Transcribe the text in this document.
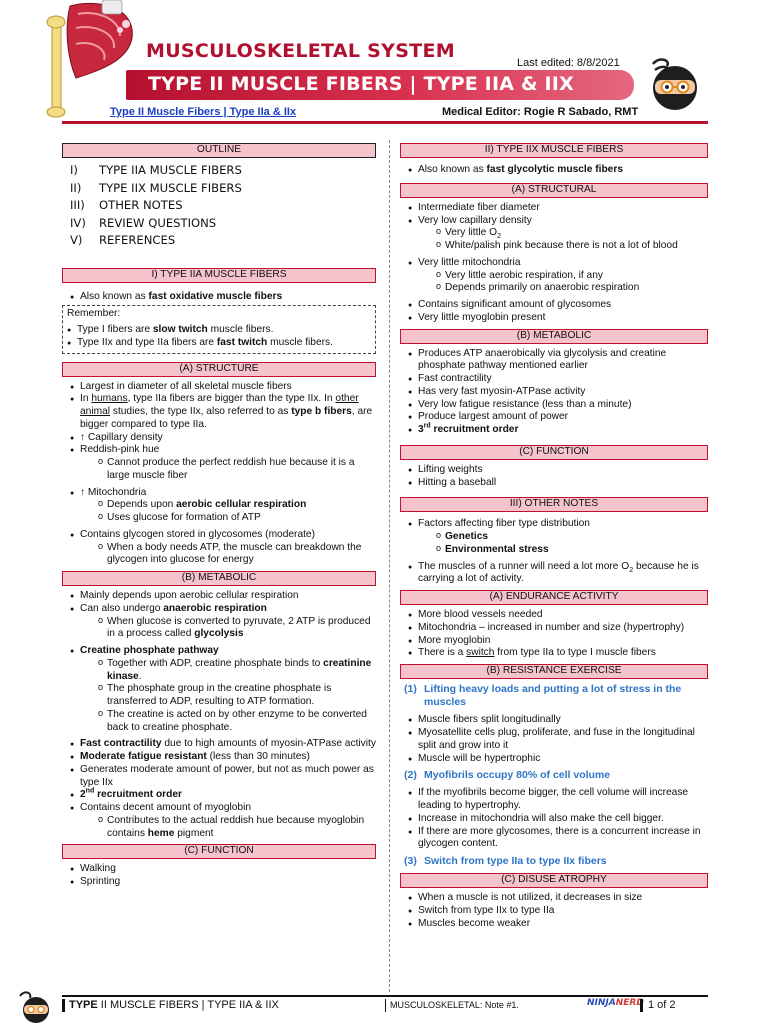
MUSCULOSKELETAL SYSTEM
Last edited: 8/8/2021
TYPE II MUSCLE FIBERS | TYPE IIA & IIX
Type II Muscle Fibers | Type IIa & IIx	Medical Editor: Rogie R Sabado, RMT
OUTLINE
I)	TYPE IIA MUSCLE FIBERS
II)	TYPE IIX MUSCLE FIBERS
III)	OTHER NOTES
IV)	REVIEW QUESTIONS
V)	REFERENCES
I) TYPE IIA MUSCLE FIBERS
● Also known as fast oxidative muscle fibers
Remember:
● Type I fibers are slow twitch muscle fibers.
● Type IIx and type IIa fibers are fast twitch muscle fibers.
(A) STRUCTURE
● Largest in diameter of all skeletal muscle fibers
● In humans, type IIa fibers are bigger than the type IIx. In other animal studies, the type IIx, also referred to as type b fibers, are bigger compared to type IIa.
● ↑ Capillary density
● Reddish-pink hue
o Cannot produce the perfect reddish hue because it is a large muscle fiber
● ↑ Mitochondria
o Depends upon aerobic cellular respiration
o Uses glucose for formation of ATP
● Contains glycogen stored in glycosomes (moderate)
o When a body needs ATP, the muscle can breakdown the glycogen into glucose for energy
(B) METABOLIC
● Mainly depends upon aerobic cellular respiration
● Can also undergo anaerobic respiration
o When glucose is converted to pyruvate, 2 ATP is produced in a process called glycolysis
● Creatine phosphate pathway
o Together with ADP, creatine phosphate binds to creatinine kinase.
o The phosphate group in the creatine phosphate is transferred to ADP, resulting to ATP formation.
o The creatine is acted on by other enzyme to be converted back to creatine phosphate.
● Fast contractility due to high amounts of myosin-ATPase activity
● Moderate fatigue resistant (less than 30 minutes)
● Generates moderate amount of power, but not as much power as type IIx
● 2nd recruitment order
● Contains decent amount of myoglobin
o Contributes to the actual reddish hue because myoglobin contains heme pigment
(C) FUNCTION
● Walking
● Sprinting
II) TYPE IIX MUSCLE FIBERS
● Also known as fast glycolytic muscle fibers
(A) STRUCTURAL
● Intermediate fiber diameter
● Very low capillary density
o Very little $O_2$
o White/palish pink because there is not a lot of blood
● Very little mitochondria
o Very little aerobic respiration, if any
o Depends primarily on anaerobic respiration
● Contains significant amount of glycosomes
● Very little myoglobin present
(B) METABOLIC
● Produces ATP anaerobically via glycolysis and creatine phosphate pathway mentioned earlier
● Fast contractility
● Has very fast myosin-ATPase activity
● Very low fatigue resistance (less than a minute)
● Produce largest amount of power
● 3rd recruitment order
(C) FUNCTION
● Lifting weights
● Hitting a baseball
III) OTHER NOTES
● Factors affecting fiber type distribution
o Genetics
o Environmental stress
● The muscles of a runner will need a lot more $O_2$ because he is carrying a lot of activity.
(A) ENDURANCE ACTIVITY
● More blood vessels needed
● Mitochondria – increased in number and size (hypertrophy)
● More myoglobin
● There is a switch from type IIa to type I muscle fibers
(B) RESISTANCE EXERCISE
(1) Lifting heavy loads and putting a lot of stress in the muscles
● Muscle fibers split longitudinally
● Myosatellite cells plug, proliferate, and fuse in the longitudinal split and grow into it
● Muscle will be hypertrophic
(2) Myofibrils occupy 80% of cell volume
● If the myofibrils become bigger, the cell volume will increase leading to hypertrophy.
● Increase in mitochondria will also make the cell bigger.
● If there are more glycosomes, there is a concurrent increase in glycogen content.
(3) Switch from type IIa to type IIx fibers
(C) DISUSE ATROPHY
● When a muscle is not utilized, it decreases in size
● Switch from type IIx to type IIa
● Muscles become weaker
TYPE II MUSCLE FIBERS | TYPE IIA & IIX	MUSCULOSKELETAL: Note #1.	NINJANERD 1 of 2
